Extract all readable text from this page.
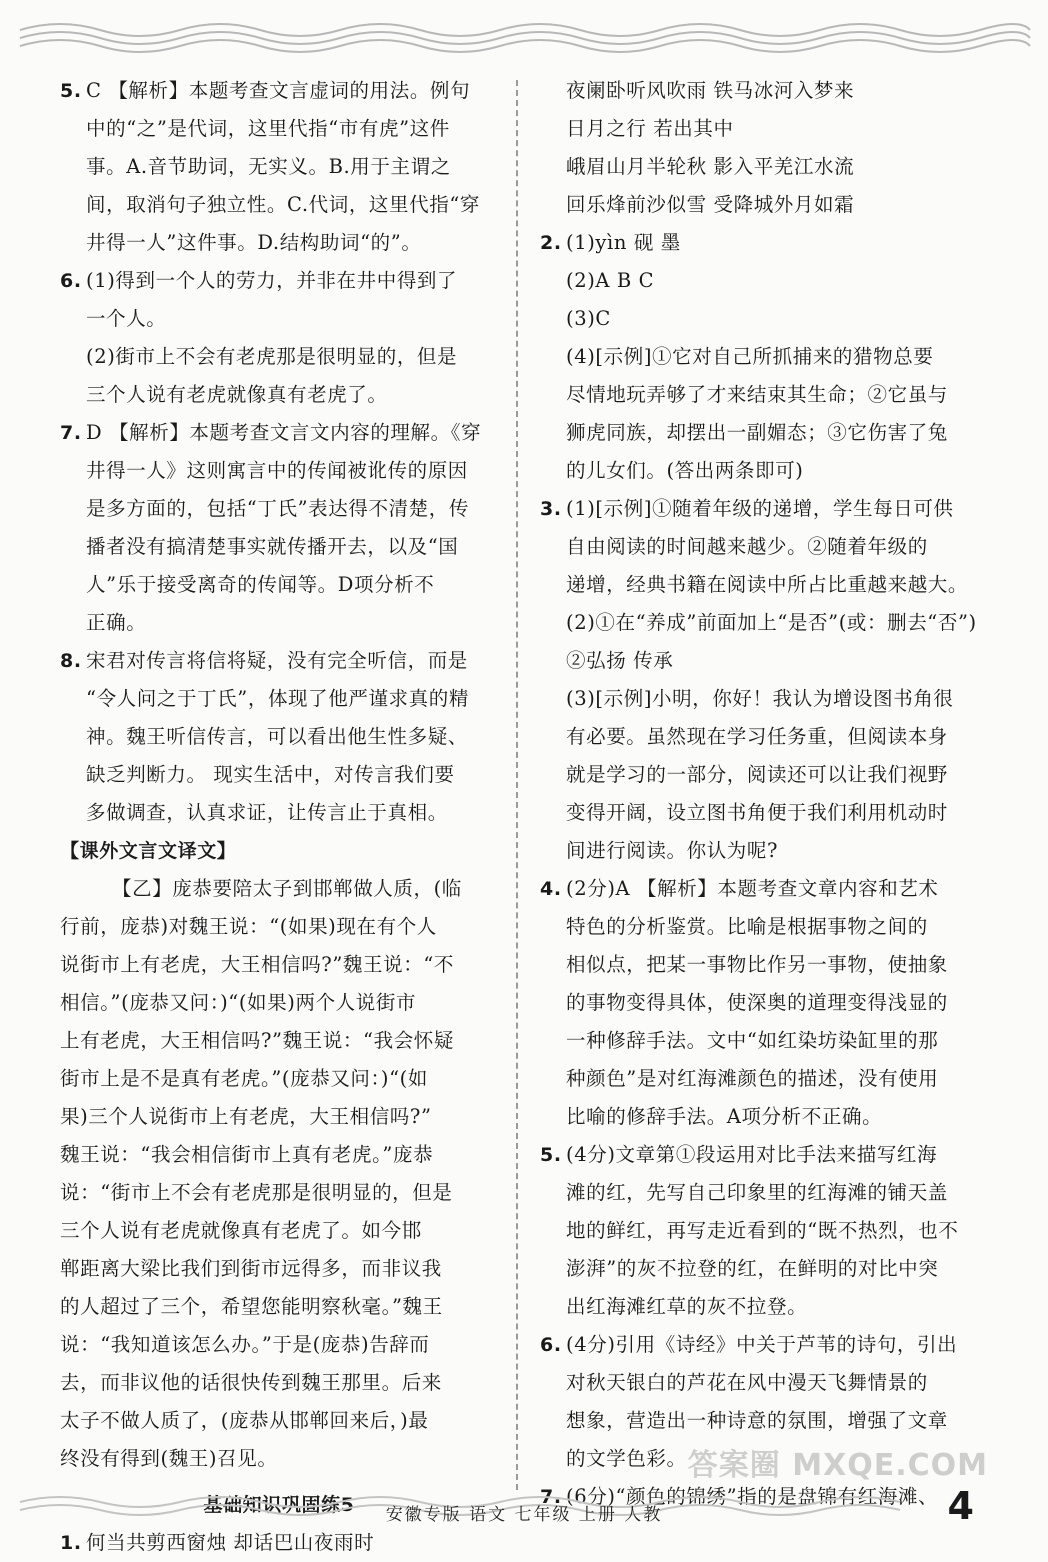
5. C 【解析】本题考查文言虚词的用法。例句

中的“之”是代词，这里代指“市有虎”这件

事。A.音节助词，无实义。B.用于主谓之

间，取消句子独立性。C.代词，这里代指“穿

井得一人”这件事。D.结构助词“的”。

6. (1)得到一个人的劳力，并非在井中得到了

一个人。

(2)街市上不会有老虎那是很明显的，但是

三个人说有老虎就像真有老虎了。

7. D 【解析】本题考查文言文内容的理解。《穿

井得一人》这则寓言中的传闻被讹传的原因

是多方面的，包括“丁氏”表达得不清楚，传

播者没有搞清楚事实就传播开去，以及“国

人”乐于接受离奇的传闻等。D项分析不

正确。

8. 宋君对传言将信将疑，没有完全听信，而是

“令人问之于丁氏”，体现了他严谨求真的精

神。魏王听信传言，可以看出他生性多疑、

缺乏判断力。 现实生活中，对传言我们要

多做调查，认真求证，让传言止于真相。

【课外文言文译文】

【乙】庞恭要陪太子到邯郸做人质，(临

行前，庞恭)对魏王说：“(如果)现在有个人

说街市上有老虎，大王相信吗?”魏王说：“不

相信。”(庞恭又问：)“(如果)两个人说街市

上有老虎，大王相信吗?”魏王说：“我会怀疑

街市上是不是真有老虎。”(庞恭又问：)“(如

果)三个人说街市上有老虎，大王相信吗?”

魏王说：“我会相信街市上真有老虎。”庞恭

说：“街市上不会有老虎那是很明显的，但是

三个人说有老虎就像真有老虎了。如今邯

郸距离大梁比我们到街市远得多，而非议我

的人超过了三个，希望您能明察秋毫。”魏王

说：“我知道该怎么办。”于是(庞恭)告辞而

去，而非议他的话很快传到魏王那里。后来

太子不做人质了，(庞恭从邯郸回来后，)最

终没有得到(魏王)召见。

基础知识巩固练5

1. 何当共剪西窗烛 却话巴山夜雨时

夜阑卧听风吹雨 铁马冰河入梦来

日月之行 若出其中

峨眉山月半轮秋 影入平羌江水流

回乐烽前沙似雪 受降城外月如霜

2. (1)yìn 砚 墨

(2)A B C

(3)C

(4)[示例]①它对自己所抓捕来的猎物总要

尽情地玩弄够了才来结束其生命；②它虽与

狮虎同族，却摆出一副媚态；③它伤害了兔

的儿女们。(答出两条即可)

3. (1)[示例]①随着年级的递增，学生每日可供

自由阅读的时间越来越少。②随着年级的

递增，经典书籍在阅读中所占比重越来越大。

(2)①在“养成”前面加上“是否”(或：删去“否”)

②弘扬 传承

(3)[示例]小明，你好！我认为增设图书角很

有必要。虽然现在学习任务重，但阅读本身

就是学习的一部分，阅读还可以让我们视野

变得开阔，设立图书角便于我们利用机动时

间进行阅读。你认为呢?

4. (2分)A 【解析】本题考查文章内容和艺术

特色的分析鉴赏。比喻是根据事物之间的

相似点，把某一事物比作另一事物，使抽象

的事物变得具体，使深奥的道理变得浅显的

一种修辞手法。文中“如红染坊染缸里的那

种颜色”是对红海滩颜色的描述，没有使用

比喻的修辞手法。A项分析不正确。

5. (4分)文章第①段运用对比手法来描写红海

滩的红，先写自己印象里的红海滩的铺天盖

地的鲜红，再写走近看到的“既不热烈，也不

澎湃”的灰不拉登的红，在鲜明的对比中突

出红海滩红草的灰不拉登。

6. (4分)引用《诗经》中关于芦苇的诗句，引出

对秋天银白的芦花在风中漫天飞舞情景的

想象，营造出一种诗意的氛围，增强了文章

的文学色彩。

7. (6分)“颜色的锦绣”指的是盘锦有红海滩、

答案圈 MXQE.COM
安徽专版 语文 七年级 上册 人教	4
